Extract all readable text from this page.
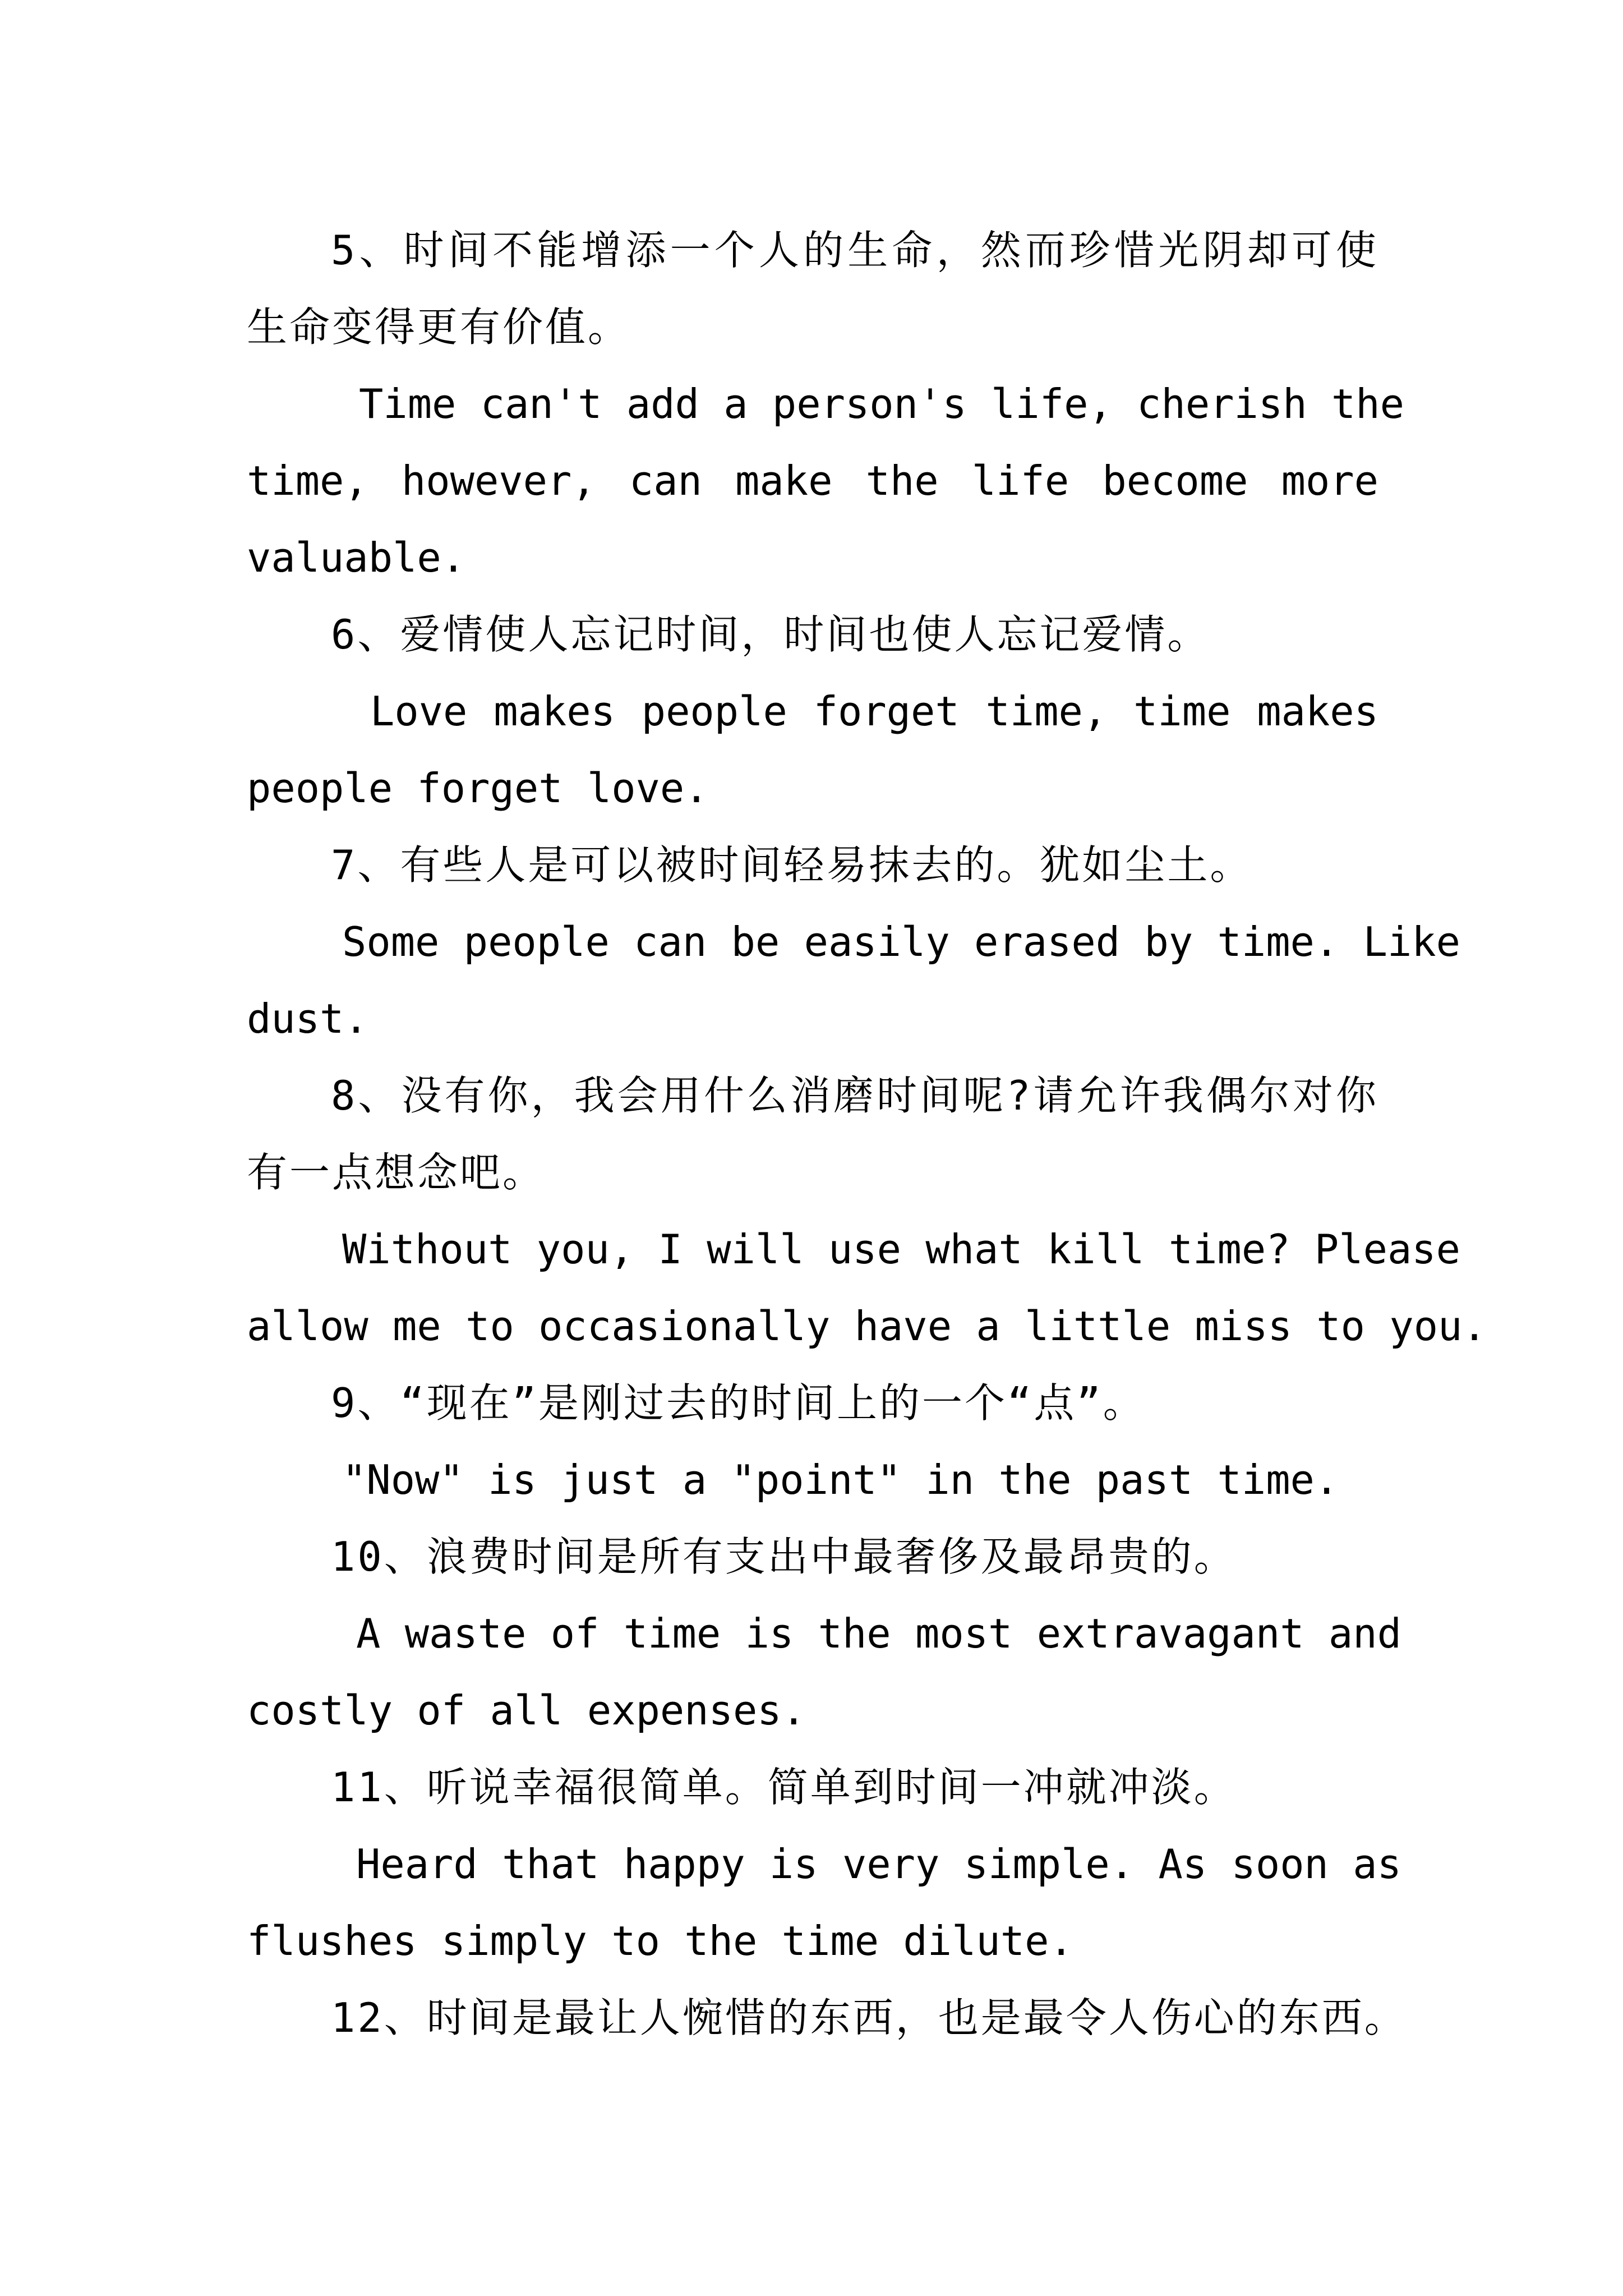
5、时间不能增添一个人的生命，然而珍惜光阴却可使
生命变得更有价值。
Time can't add a person's life, cherish the
time, however, can make the life become more
valuable.
6、爱情使人忘记时间，时间也使人忘记爱情。
Love makes people forget time, time makes
people forget love.
7、有些人是可以被时间轻易抹去的。犹如尘土。
Some people can be easily erased by time. Like
dust.
8、没有你，我会用什么消磨时间呢?请允许我偶尔对你
有一点想念吧。
Without you, I will use what kill time? Please
allow me to occasionally have a little miss to you.
9、“现在”是刚过去的时间上的一个“点”。
"Now" is just a "point" in the past time.
10、浪费时间是所有支出中最奢侈及最昂贵的。
A waste of time is the most extravagant and
costly of all expenses.
11、听说幸福很简单。简单到时间一冲就冲淡。
Heard that happy is very simple. As soon as
flushes simply to the time dilute.
12、时间是最让人惋惜的东西，也是最令人伤心的东西。
